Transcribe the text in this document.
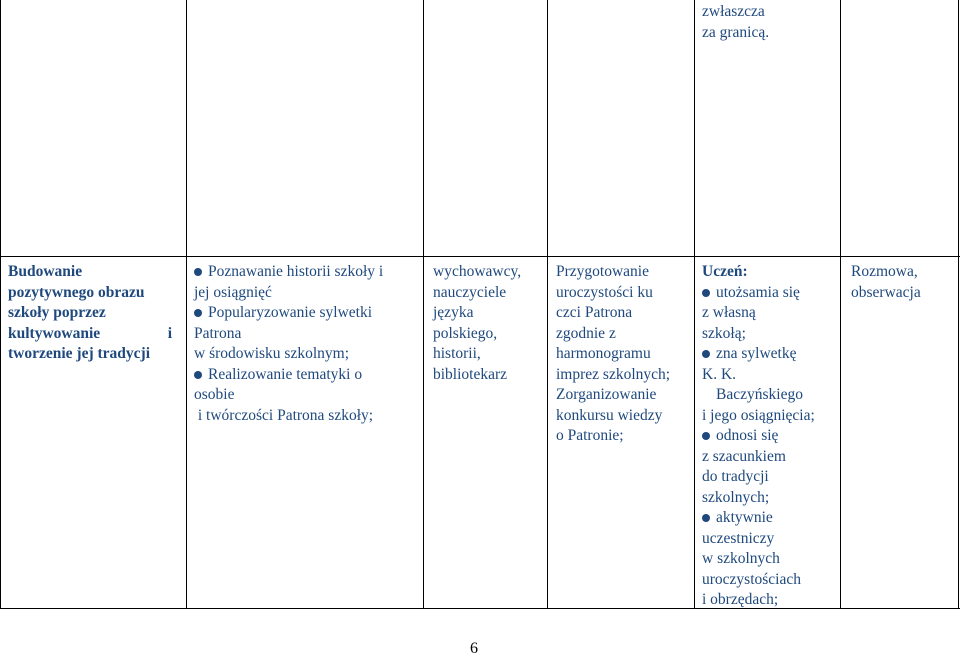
zwłaszcza

za granicą.

Budowanie

pozytywnego obrazu

szkoły poprzez

kultywowanie	i

tworzenie jej tradycji

Poznawanie historii szkoły i

jej osiągnięć

Popularyzowanie sylwetki

Patrona

w środowisku szkolnym;

Realizowanie tematyki o

osobie

i twórczości Patrona szkoły;

wychowawcy,

nauczyciele

języka

polskiego,

historii,

bibliotekarz

Przygotowanie

uroczystości ku

czci Patrona

zgodnie z

harmonogramu

imprez szkolnych;

Zorganizowanie

konkursu wiedzy

o Patronie;

Uczeń:

utożsamia się

z własną

szkołą;

zna sylwetkę

K. K.

Baczyńskiego

i jego osiągnięcia;

odnosi się

z szacunkiem

do tradycji

szkolnych;

aktywnie

uczestniczy

w szkolnych

uroczystościach

i obrzędach;

Rozmowa,

obserwacja

6
